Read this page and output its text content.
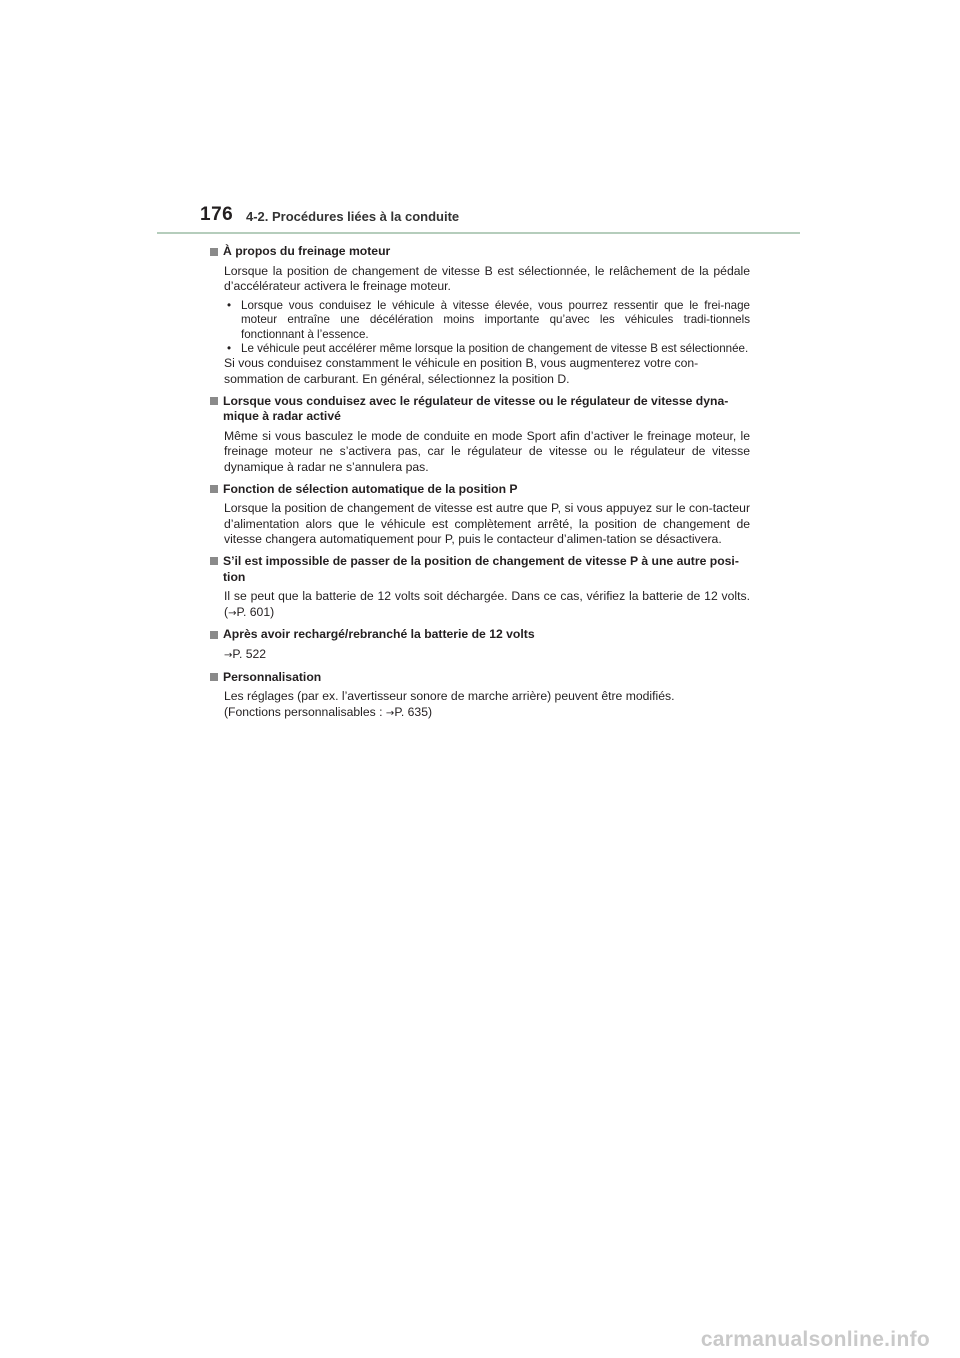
176 4-2. Procédures liées à la conduite
À propos du freinage moteur
Lorsque la position de changement de vitesse B est sélectionnée, le relâchement de la pédale d’accélérateur activera le freinage moteur.
• Lorsque vous conduisez le véhicule à vitesse élevée, vous pourrez ressentir que le frei-nage moteur entraîne une décélération moins importante qu’avec les véhicules tradi-tionnels fonctionnant à l’essence.
• Le véhicule peut accélérer même lorsque la position de changement de vitesse B est sélectionnée.
Si vous conduisez constamment le véhicule en position B, vous augmenterez votre con-sommation de carburant. En général, sélectionnez la position D.
Lorsque vous conduisez avec le régulateur de vitesse ou le régulateur de vitesse dyna-mique à radar activé
Même si vous basculez le mode de conduite en mode Sport afin d’activer le freinage moteur, le freinage moteur ne s’activera pas, car le régulateur de vitesse ou le régulateur de vitesse dynamique à radar ne s’annulera pas.
Fonction de sélection automatique de la position P
Lorsque la position de changement de vitesse est autre que P, si vous appuyez sur le con-tacteur d’alimentation alors que le véhicule est complètement arrêté, la position de changement de vitesse changera automatiquement pour P, puis le contacteur d’alimen-tation se désactivera.
S’il est impossible de passer de la position de changement de vitesse P à une autre posi-tion
Il se peut que la batterie de 12 volts soit déchargée. Dans ce cas, vérifiez la batterie de 12 volts. (→P. 601)
Après avoir rechargé/rebranché la batterie de 12 volts
→P. 522
Personnalisation
Les réglages (par ex. l’avertisseur sonore de marche arrière) peuvent être modifiés.
(Fonctions personnalisables : →P. 635)
carmanualsonline.info
